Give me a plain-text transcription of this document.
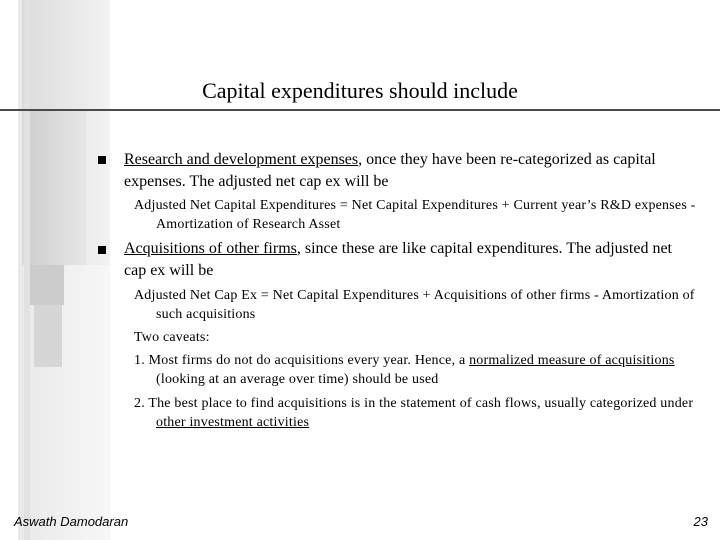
Capital expenditures should include
Research and development expenses, once they have been re-categorized as capital expenses. The adjusted net cap ex will be
Adjusted Net Capital Expenditures = Net Capital Expenditures + Current year’s R&D expenses - Amortization of Research Asset
Acquisitions of other firms, since these are like capital expenditures. The adjusted net cap ex will be
Adjusted Net Cap Ex = Net Capital Expenditures + Acquisitions of other firms - Amortization of such acquisitions
Two caveats:
1. Most firms do not do acquisitions every year. Hence, a normalized measure of acquisitions (looking at an average over time) should be used
2. The best place to find acquisitions is in the statement of cash flows, usually categorized under other investment activities
Aswath Damodaran	23
